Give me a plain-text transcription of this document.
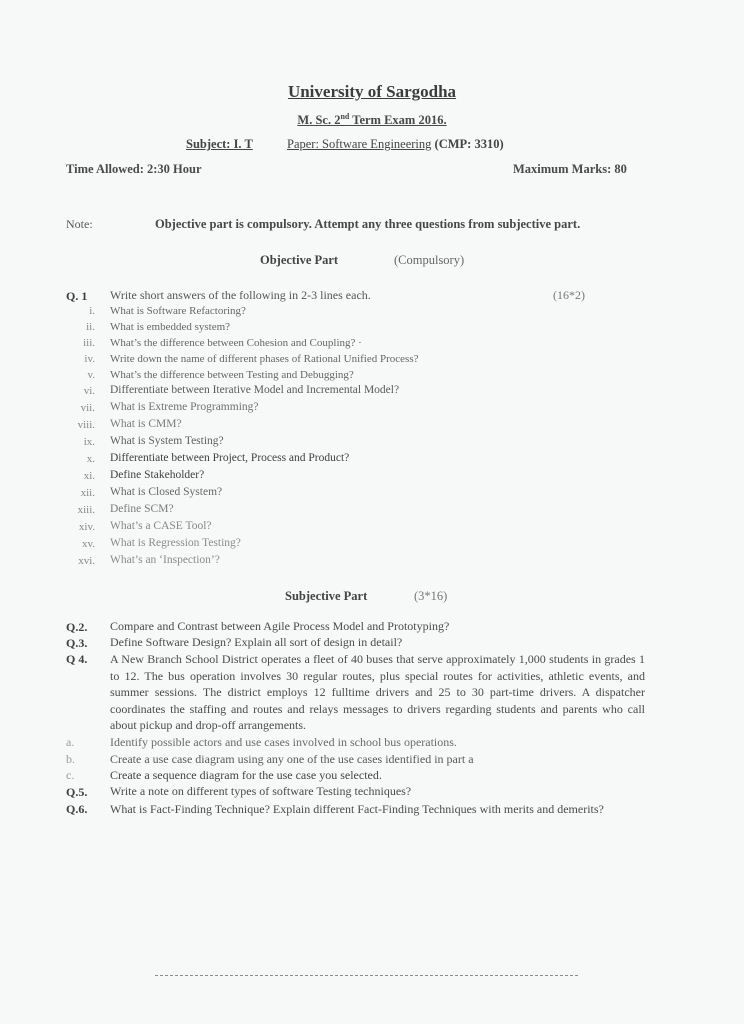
University of Sargodha
M. Sc. 2nd Term Exam 2016.
Subject: I. T	Paper: Software Engineering (CMP: 3310)
Time Allowed: 2:30 Hour	Maximum Marks: 80
Note:	Objective part is compulsory. Attempt any three questions from subjective part.
Objective Part	(Compulsory)
Q. 1 Write short answers of the following in 2-3 lines each.	(16*2)
i. What is Software Refactoring?
ii. What is embedded system?
iii. What’s the difference between Cohesion and Coupling? ·
iv. Write down the name of different phases of Rational Unified Process?
v. What’s the difference between Testing and Debugging?
vi. Differentiate between Iterative Model and Incremental Model?
vii. What is Extreme Programming?
viii. What is CMM?
ix. What is System Testing?
x. Differentiate between Project, Process and Product?
xi. Define Stakeholder?
xii. What is Closed System?
xiii. Define SCM?
xiv. What’s a CASE Tool?
xv. What is Regression Testing?
xvi. What’s an ‘Inspection’?
Subjective Part	(3*16)
Q.2. Compare and Contrast between Agile Process Model and Prototyping?
Q.3. Define Software Design? Explain all sort of design in detail?
Q 4. A New Branch School District operates a fleet of 40 buses that serve approximately 1,000 students in grades 1 to 12. The bus operation involves 30 regular routes, plus special routes for activities, athletic events, and summer sessions. The district employs 12 fulltime drivers and 25 to 30 part-time drivers. A dispatcher coordinates the staffing and routes and relays messages to drivers regarding students and parents who call about pickup and drop-off arrangements.
a.	Identify possible actors and use cases involved in school bus operations.
b.	Create a use case diagram using any one of the use cases identified in part a
c.	Create a sequence diagram for the use case you selected.
Q.5. Write a note on different types of software Testing techniques?
Q.6. What is Fact-Finding Technique? Explain different Fact-Finding Techniques with merits and demerits?
